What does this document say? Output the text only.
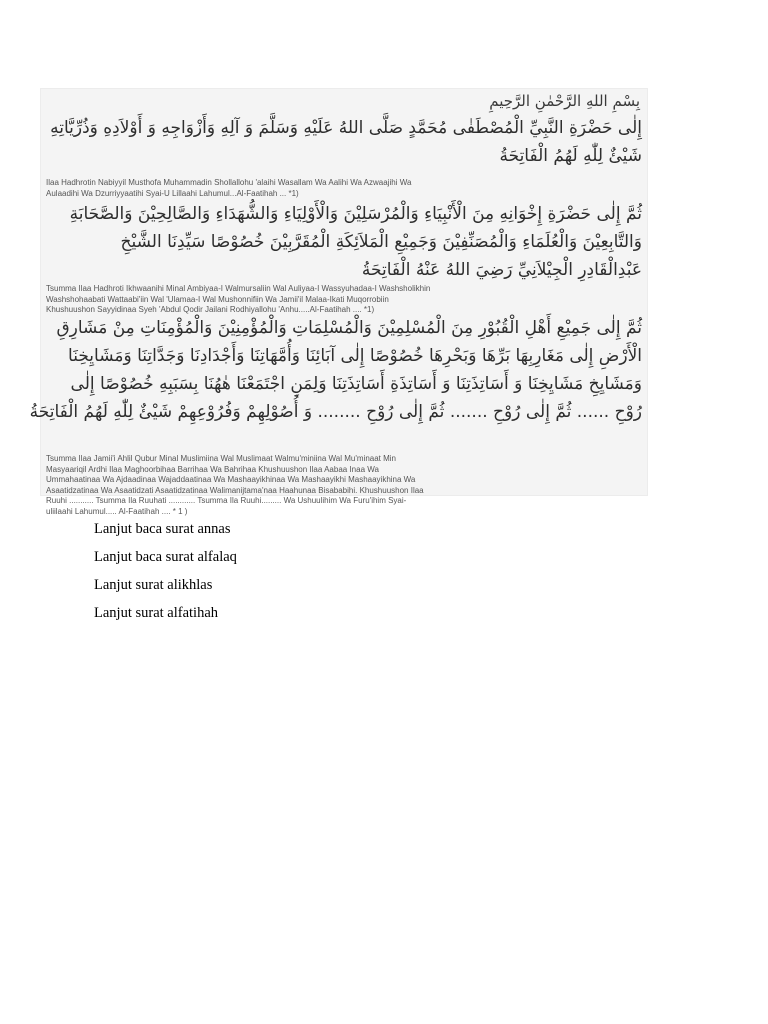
بِسْمِ اللهِ الرَّحْمٰنِ الرَّحِيمِ

إِلٰى حَضْرَةِ النَّبِيِّ الْمُصْطَفٰى مُحَمَّدٍ صَلَّى اللهُ عَلَيْهِ وَسَلَّمَ وَ آلِهِ وَأَزْوَاجِهِ وَ أَوْلاَدِهِ وَذُرِّيَّاتِهِ

شَيْئٌ لِلّٰهِ لَهُمُ الْفَاتِحَةُ

Ilaa Hadhrotin Nabiyyil Musthofa Muhammadin Shollallohu 'alaihi Wasallam Wa Aalihi Wa Azwaajihi Wa

Aulaadihi Wa Dzurriyyaatihi Syai-U Lillaahi Lahumul...Al-Faatihah ... *1)

ثُمَّ إِلٰى حَضْرَةِ إِخْوَانِهِ مِنَ الْأَنْبِيَاءِ وَالْمُرْسَلِيْنَ وَالْأَوْلِيَاءِ وَالشُّهَدَاءِ وَالصَّالِحِيْنَ وَالصَّحَابَةِ

وَالتَّابِعِيْنَ وَالْعُلَمَاءِ وَالْمُصَنِّفِيْنَ وَجَمِيْعِ الْمَلاَئِكَةِ الْمُقَرَّبِيْنَ خُصُوْصًا سَيِّدِنَا الشَّيْخِ

عَبْدِالْقَادِرِ الْجِيْلاَنِيِّ رَضِيَ اللهُ عَنْهُ الْفَاتِحَةُ

Tsumma Ilaa Hadhroti Ikhwaanihi Minal Ambiyaa-I Walmursaliin Wal Auliyaa-I Wassyuhadaa-I Washsholikhin

Washshohaabati Wattaabi'iin Wal 'Ulamaa-I Wal Mushonnifiin Wa Jamii'il Malaa-Ikati Muqorrobiin

Khushuushon Sayyidinaa Syeh 'Abdul Qodir Jailani Rodhiyallohu 'Anhu.....Al-Faatihah .... *1)

ثُمَّ إِلٰى جَمِيْعِ أَهْلِ الْقُبُوْرِ مِنَ الْمُسْلِمِيْنَ وَالْمُسْلِمَاتِ وَالْمُؤْمِنِيْنَ وَالْمُؤْمِنَاتِ مِنْ مَشَارِقِ

الْأَرْضِ إِلٰى مَغَارِبِهَا بَرِّهَا وَبَحْرِهَا خُصُوْصًا إِلٰى آبَائِنَا وَأُمَّهَاتِنَا وَأَجْدَادِنَا وَجَدَّاتِنَا وَمَشَايِخِنَا

وَمَشَايِخِ مَشَايِخِنَا وَ أَسَاتِذَتِنَا وَ أَسَاتِذَةِ أَسَاتِذَتِنَا وَلِمَنِ اجْتَمَعْنَا هٰهُنَا بِسَبَبِهِ خُصُوْصًا إِلٰى

رُوْحِ ...... ثُمَّ إِلٰى رُوْحِ ....... ثُمَّ إِلٰى رُوْحِ ........ وَ أُصُوْلِهِمْ وَفُرُوْعِهِمْ شَيْئٌ لِلّٰهِ لَهُمُ الْفَاتِحَةُ

Tsumma Ilaa Jamii'i Ahlil Qubur Minal Muslimiina Wal Muslimaat Walmu'miniina Wal Mu'minaat Min

Masyaariqil Ardhi Ilaa Maghoorbihaa Barrihaa Wa Bahrihaa Khushuushon Ilaa Aabaa Inaa Wa

Ummahaatinaa Wa Ajdaadinaa Wajaddaatinaa Wa Mashaayikhinaa Wa Mashaayikhi Mashaayikhina Wa

Asaatidzatinaa Wa Asaatidzati Asaatidzatinaa Walimanijtama'naa Haahunaa Bisababihi. Khushuushon Ilaa

Ruuhi ........... Tsumma Ila Ruuhati ............ Tsumma Ila Ruuhi......... Wa Ushuulihim Wa Furu'ihim Syai-

uliilaahi Lahumul..... Al-Faatihah .... * 1 )

Lanjut baca surat annas
Lanjut baca surat alfalaq
Lanjut surat alikhlas
Lanjut surat alfatihah
